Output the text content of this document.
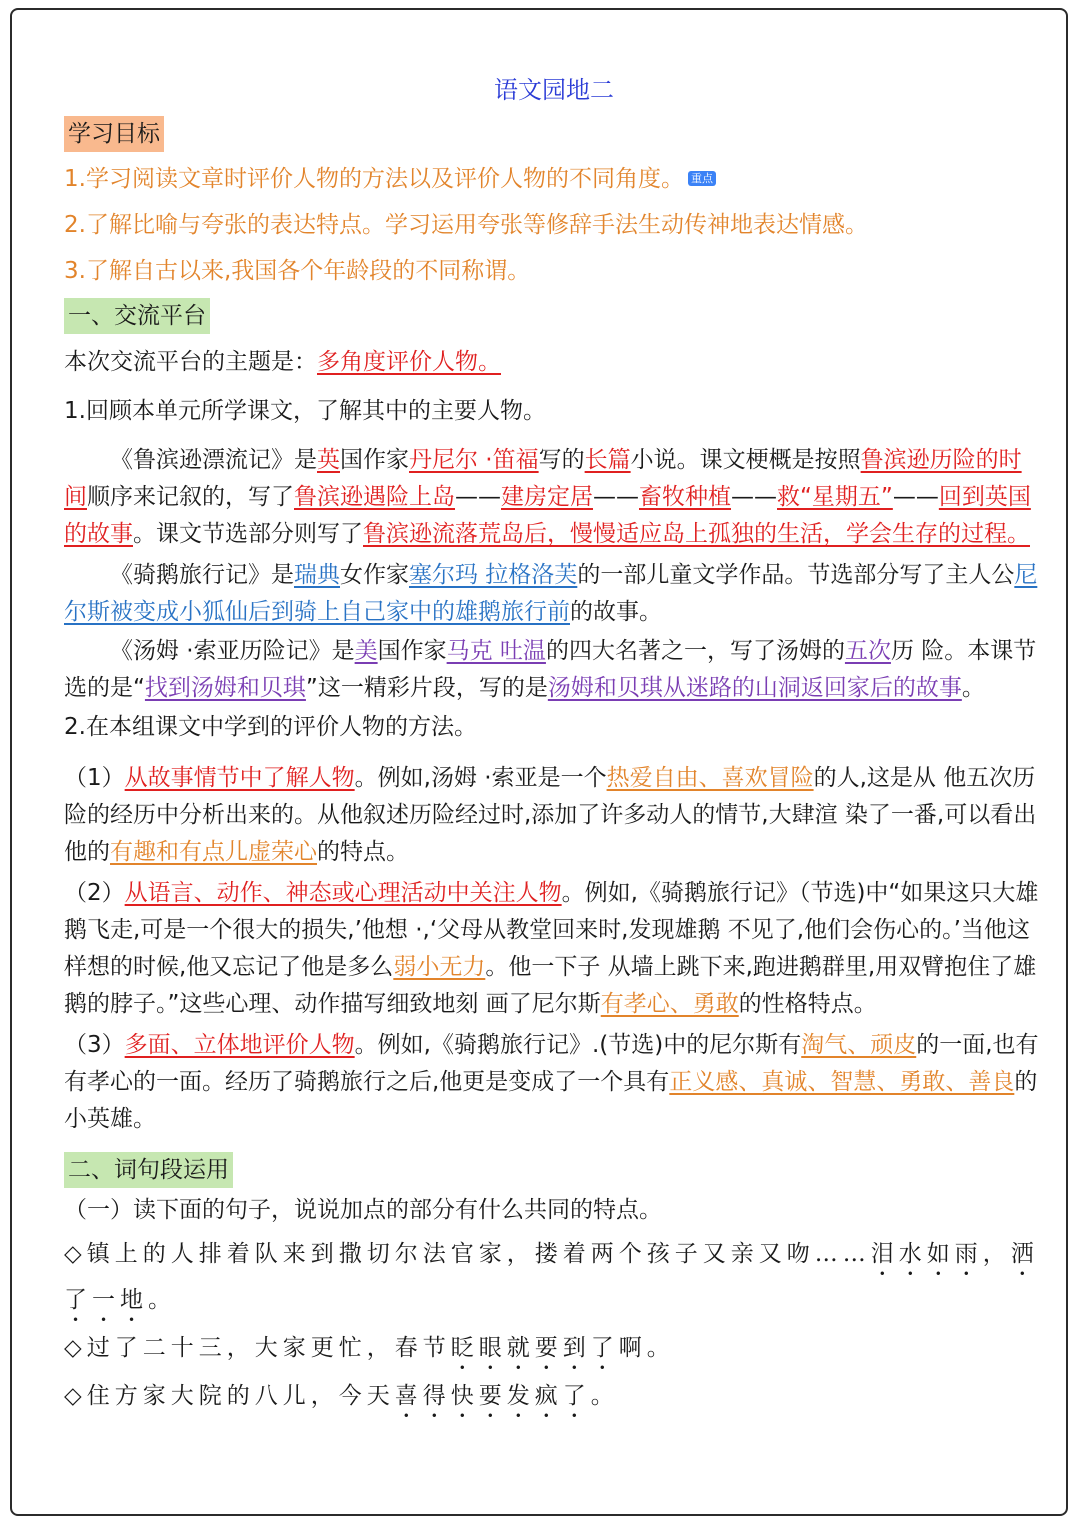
语文园地二
学习目标
1.学习阅读文章时评价人物的方法以及评价人物的不同角度。 重点
2.了解比喻与夸张的表达特点。学习运用夸张等修辞手法生动传神地表达情感。
3.了解自古以来,我国各个年龄段的不同称谓。
一、交流平台
本次交流平台的主题是：多角度评价人物。
1.回顾本单元所学课文，了解其中的主要人物。
《鲁滨逊漂流记》是英国作家丹尼尔 ·笛福写的长篇小说。课文梗概是按照鲁滨逊历险的时间顺序来记叙的，写了鲁滨逊遇险上岛——建房定居——畜牧种植——救“星期五”——回到英国的故事。课文节选部分则写了鲁滨逊流落荒岛后，慢慢适应岛上孤独的生活，学会生存的过程。
《骑鹅旅行记》是瑞典女作家塞尔玛 拉格洛芙的一部儿童文学作品。节选部分写了主人公尼尔斯被变成小狐仙后到骑上自己家中的雄鹅旅行前的故事。
《汤姆 ·索亚历险记》是美国作家马克 吐温的四大名著之一，写了汤姆的五次历 险。本课节选的是“找到汤姆和贝琪”这一精彩片段，写的是汤姆和贝琪从迷路的山洞返回家后的故事。
2.在本组课文中学到的评价人物的方法。
（1）从故事情节中了解人物。例如,汤姆 ·索亚是一个热爱自由、喜欢冒险的人,这是从 他五次历险的经历中分析出来的。从他叙述历险经过时,添加了许多动人的情节,大肆渲 染了一番,可以看出他的有趣和有点儿虚荣心的特点。
（2）从语言、动作、神态或心理活动中关注人物。例如,《骑鹅旅行记》（节选)中“如果这只大雄鹅飞走,可是一个很大的损失,’他想 ·,‘父母从教堂回来时,发现雄鹅 不见了,他们会伤心的。’当他这样想的时候,他又忘记了他是多么弱小无力。他一下子 从墙上跳下来,跑进鹅群里,用双臂抱住了雄鹅的脖子。”这些心理、动作描写细致地刻 画了尼尔斯有孝心、勇敢的性格特点。
（3）多面、立体地评价人物。例如,《骑鹅旅行记》.(节选)中的尼尔斯有淘气、顽皮的一面,也有有孝心的一面。经历了骑鹅旅行之后,他更是变成了一个具有正义感、真诚、智慧、勇敢、善良的小英雄。
二、词句段运用
（一）读下面的句子，说说加点的部分有什么共同的特点。
◇镇上的人排着队来到撒切尔法官家，搂着两个孩子又亲又吻……泪水如雨，洒了一地。
◇过了二十三，大家更忙，春节眨眼就要到了啊。
◇住方家大院的八儿，今天喜得快要发疯了。
